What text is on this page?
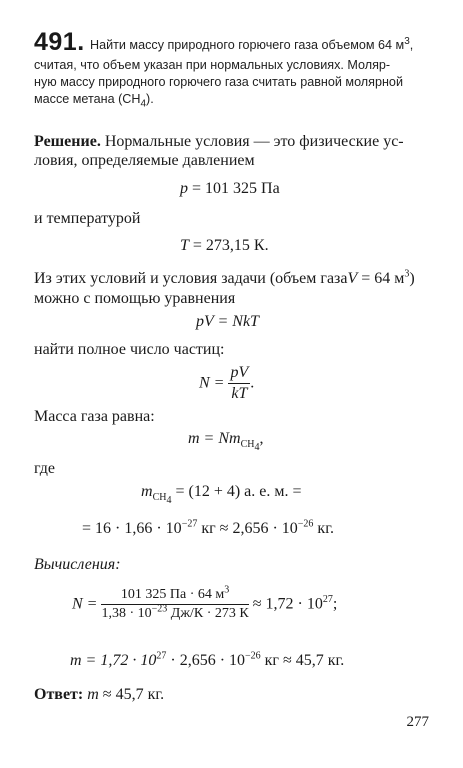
491. Найти массу природного горючего газа объемом 64 $м^3$,
считая, что объем указан при нормальных условиях. Моляр-
ную массу природного горючего газа считать равной молярной
массе метана $(CH_4)$.
Решение. Нормальные условия — это физические ус-
ловия, определяемые давлением
p = 101 325 Па
и температурой
T = 273,15 К.
Из этих условий и условия задачи (объем газаV = 64 $м^3$)
можно с помощью уравнения
pV = NkT
найти полное число частиц:
$N = \frac{pV}{kT}$ .
Масса газа равна:
$m = Nm_{CH_4}$,
где
$m_{CH_4} = (12 + 4)$ а. е. м. =
= $16 \cdot 1,66 \cdot 10^{-27}$ кг ≈ $2,656 \cdot 10^{-26}$ кг.
Вычисления:
$N = \frac{101 325 Па \cdot 64 м^3}{1,38 \cdot 10^{-23} Дж/К \cdot 273 К} \approx 1,72 \cdot 10^{27}$;
$m = 1,72 \cdot 10^{27} \cdot 2,656 \cdot 10^{-26}$ кг ≈ 45,7 кг.
Ответ: m ≈ 45,7 кг.
277
